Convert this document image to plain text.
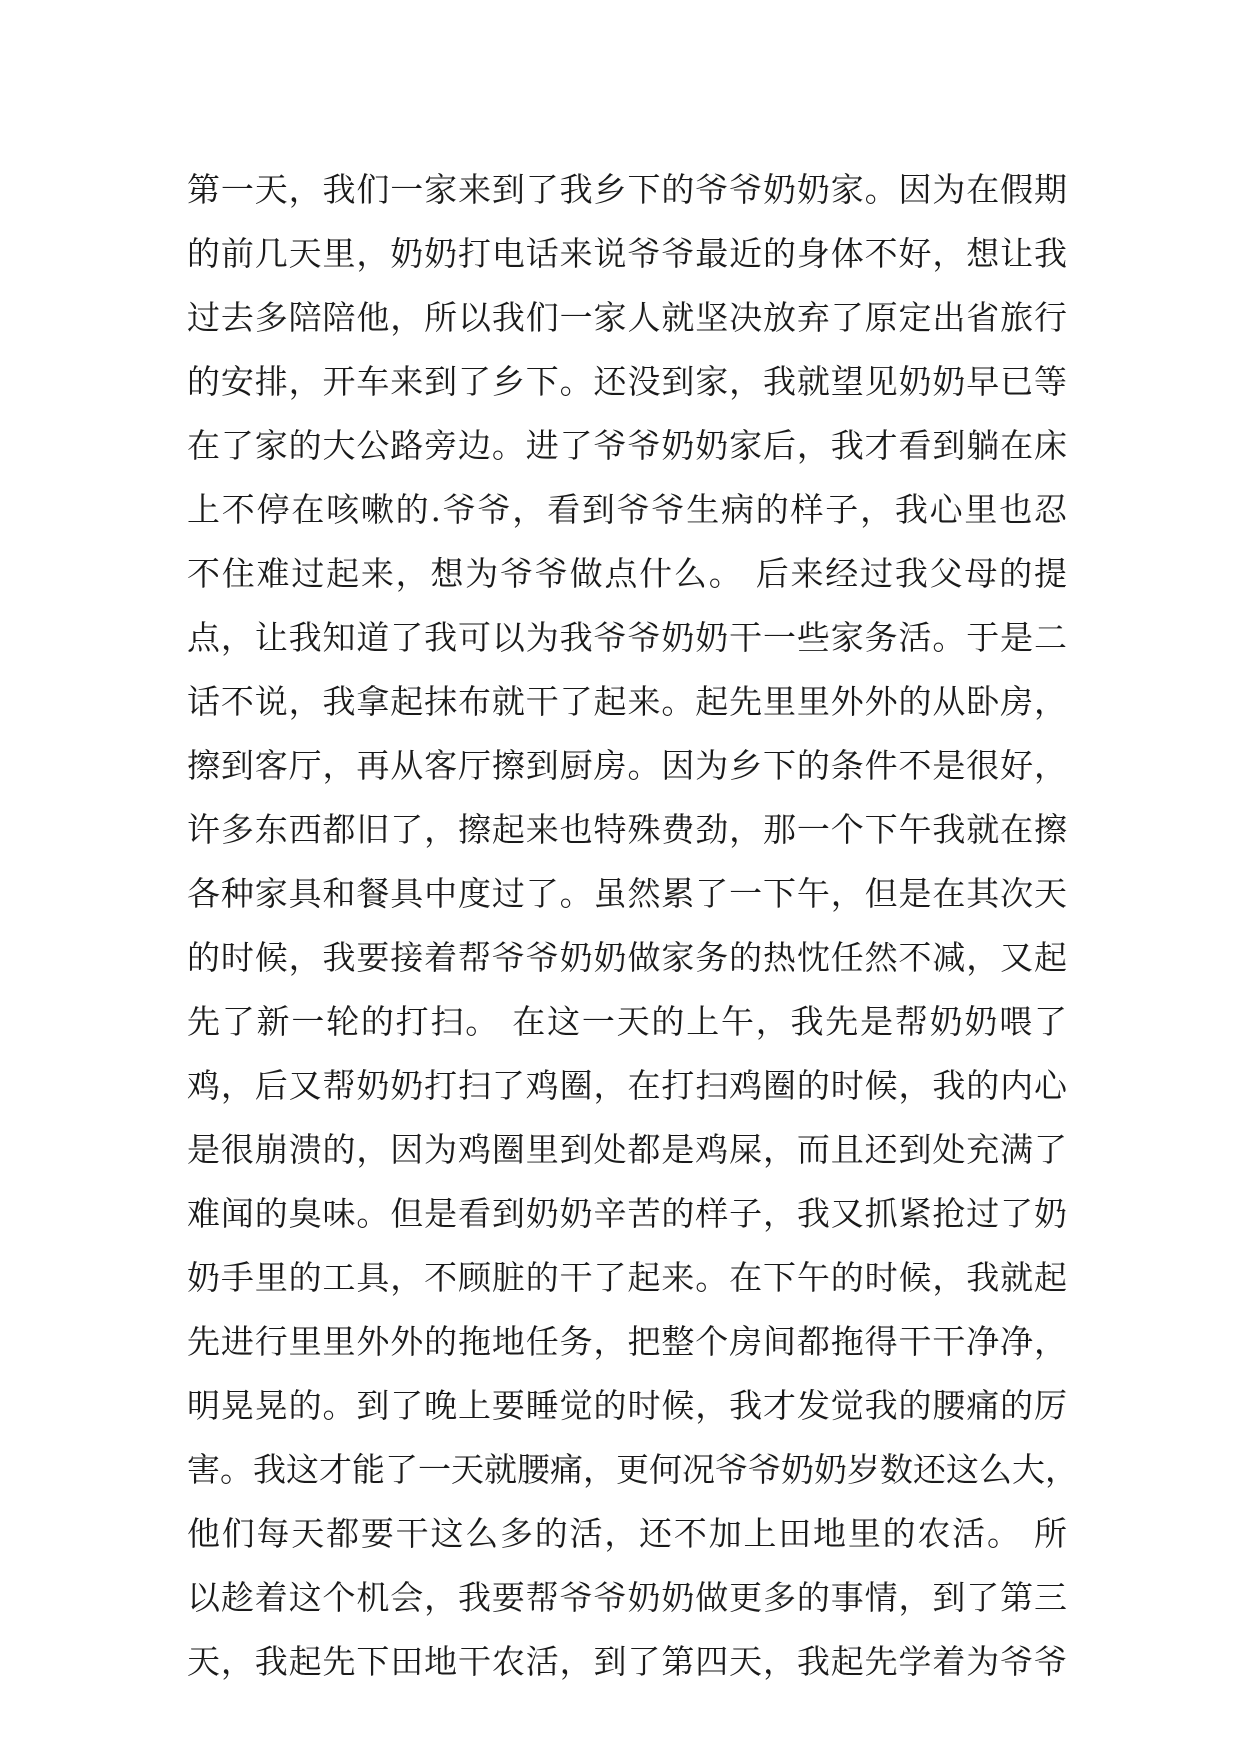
第一天，我们一家来到了我乡下的爷爷奶奶家。因为在假期
的前几天里，奶奶打电话来说爷爷最近的身体不好，想让我
过去多陪陪他，所以我们一家人就坚决放弃了原定出省旅行
的安排，开车来到了乡下。还没到家，我就望见奶奶早已等
在了家的大公路旁边。进了爷爷奶奶家后，我才看到躺在床
上不停在咳嗽的.爷爷，看到爷爷生病的样子，我心里也忍
不住难过起来，想为爷爷做点什么。 后来经过我父母的提
点，让我知道了我可以为我爷爷奶奶干一些家务活。于是二
话不说，我拿起抹布就干了起来。起先里里外外的从卧房，
擦到客厅，再从客厅擦到厨房。因为乡下的条件不是很好，
许多东西都旧了，擦起来也特殊费劲，那一个下午我就在擦
各种家具和餐具中度过了。虽然累了一下午，但是在其次天
的时候，我要接着帮爷爷奶奶做家务的热忱任然不减，又起
先了新一轮的打扫。 在这一天的上午，我先是帮奶奶喂了
鸡，后又帮奶奶打扫了鸡圈，在打扫鸡圈的时候，我的内心
是很崩溃的，因为鸡圈里到处都是鸡屎，而且还到处充满了
难闻的臭味。但是看到奶奶辛苦的样子，我又抓紧抢过了奶
奶手里的工具，不顾脏的干了起来。在下午的时候，我就起
先进行里里外外的拖地任务，把整个房间都拖得干干净净，
明晃晃的。到了晚上要睡觉的时候，我才发觉我的腰痛的厉
害。我这才能了一天就腰痛，更何况爷爷奶奶岁数还这么大，
他们每天都要干这么多的活，还不加上田地里的农活。 所
以趁着这个机会，我要帮爷爷奶奶做更多的事情，到了第三
天，我起先下田地干农活，到了第四天，我起先学着为爷爷
